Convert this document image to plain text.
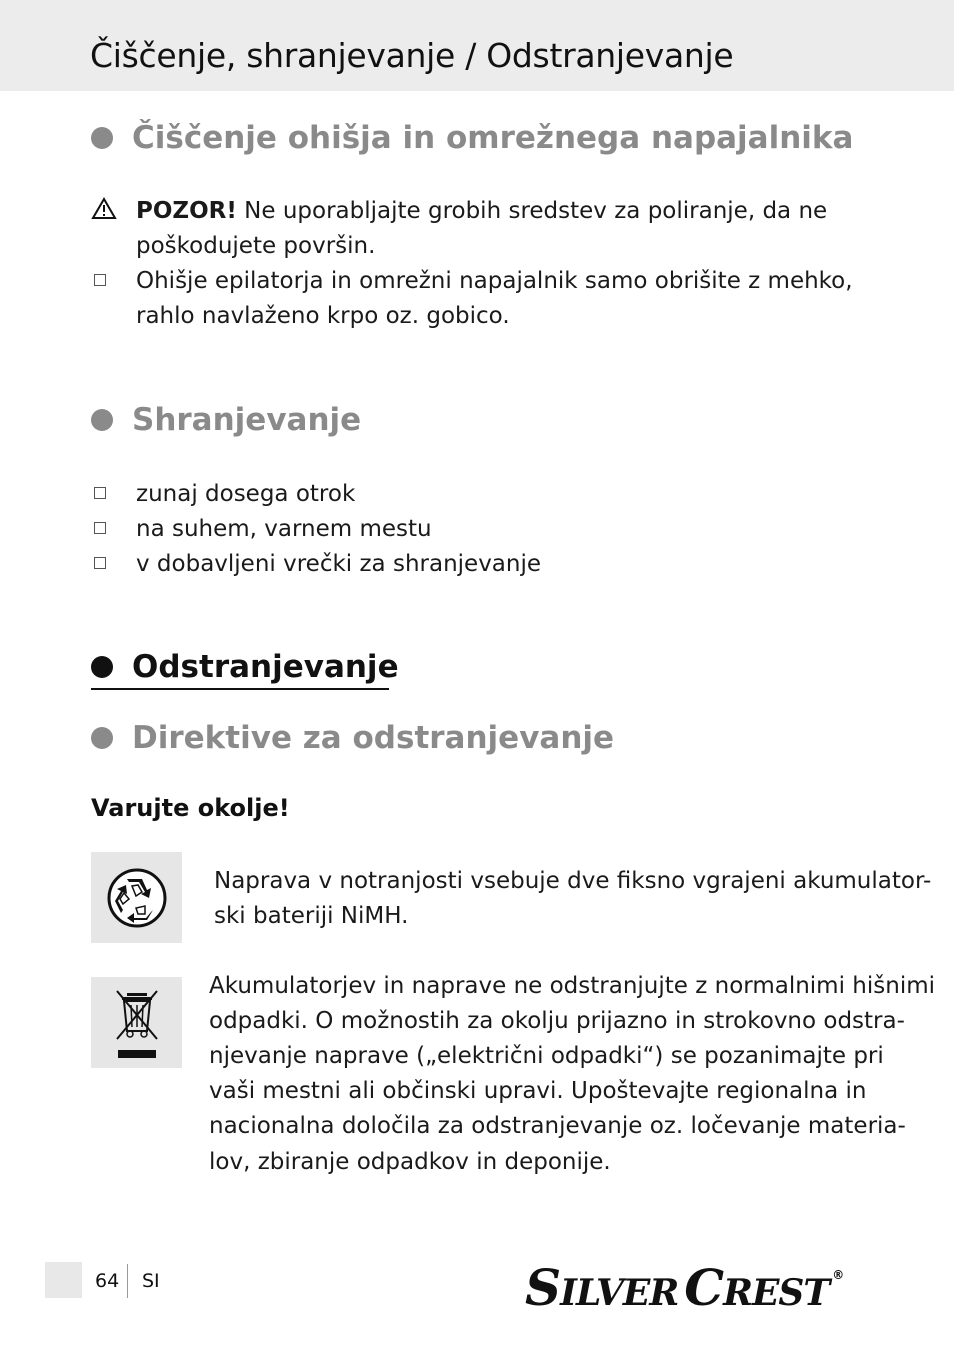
Čiščenje, shranjevanje / Odstranjevanje
Čiščenje ohišja in omrežnega napajalnika
POZOR! Ne uporabljajte grobih sredstev za poliranje, da ne
poškodujete površin.
Ohišje epilatorja in omrežni napajalnik samo obrišite z mehko,
rahlo navlaženo krpo oz. gobico.
Shranjevanje
zunaj dosega otrok
na suhem, varnem mestu
v dobavljeni vrečki za shranjevanje
Odstranjevanje
Direktive za odstranjevanje
Varujte okolje!
Naprava v notranjosti vsebuje dve fiksno vgrajeni akumulator-
ski bateriji NiMH.
Akumulatorjev in naprave ne odstranjujte z normalnimi hišnimi
odpadki. O možnostih za okolju prijazno in strokovno odstra-
njevanje naprave („električni odpadki“) se pozanimajte pri
vaši mestni ali občinski upravi. Upoštevajte regionalna in
nacionalna določila za odstranjevanje oz. ločevanje materia-
lov, zbiranje odpadkov in deponije.
64 SI	S ILVER C REST ®
